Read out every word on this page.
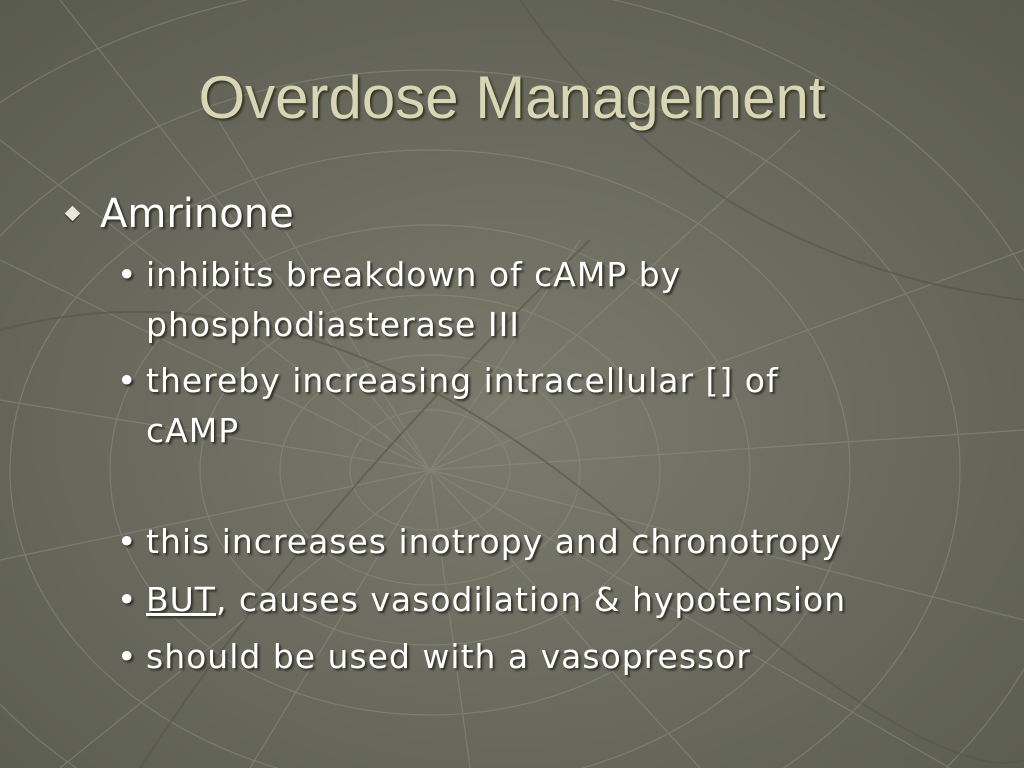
Overdose Management
Amrinone
• inhibits breakdown of cAMP by
phosphodiasterase III
• thereby increasing intracellular [] of
cAMP
• this increases inotropy and chronotropy
• BUT, causes vasodilation & hypotension
• should be used with a vasopressor
